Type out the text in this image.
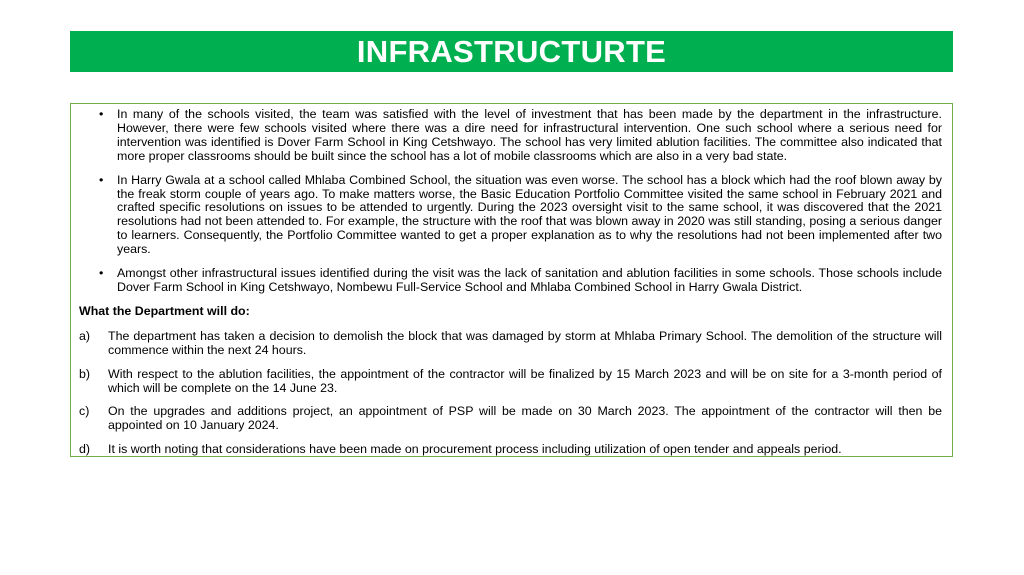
INFRASTRUCTURTE
• In many of the schools visited, the team was satisfied with the level of investment that has been made by the department in the infrastructure. However, there were few schools visited where there was a dire need for infrastructural intervention. One such school where a serious need for intervention was identified is Dover Farm School in King Cetshwayo. The school has very limited ablution facilities. The committee also indicated that more proper classrooms should be built since the school has a lot of mobile classrooms which are also in a very bad state.
• In Harry Gwala at a school called Mhlaba Combined School, the situation was even worse. The school has a block which had the roof blown away by the freak storm couple of years ago. To make matters worse, the Basic Education Portfolio Committee visited the same school in February 2021 and crafted specific resolutions on issues to be attended to urgently. During the 2023 oversight visit to the same school, it was discovered that the 2021 resolutions had not been attended to. For example, the structure with the roof that was blown away in 2020 was still standing, posing a serious danger to learners. Consequently, the Portfolio Committee wanted to get a proper explanation as to why the resolutions had not been implemented after two years.
• Amongst other infrastructural issues identified during the visit was the lack of sanitation and ablution facilities in some schools. Those schools include Dover Farm School in King Cetshwayo, Nombewu Full-Service School and Mhlaba Combined School in Harry Gwala District.

What the Department will do:

a) The department has taken a decision to demolish the block that was damaged by storm at Mhlaba Primary School. The demolition of the structure will commence within the next 24 hours.
b) With respect to the ablution facilities, the appointment of the contractor will be finalized by 15 March 2023 and will be on site for a 3-month period of which will be complete on the 14 June 23.
c) On the upgrades and additions project, an appointment of PSP will be made on 30 March 2023. The appointment of the contractor will then be appointed on 10 January 2024.
d) It is worth noting that considerations have been made on procurement process including utilization of open tender and appeals period.
